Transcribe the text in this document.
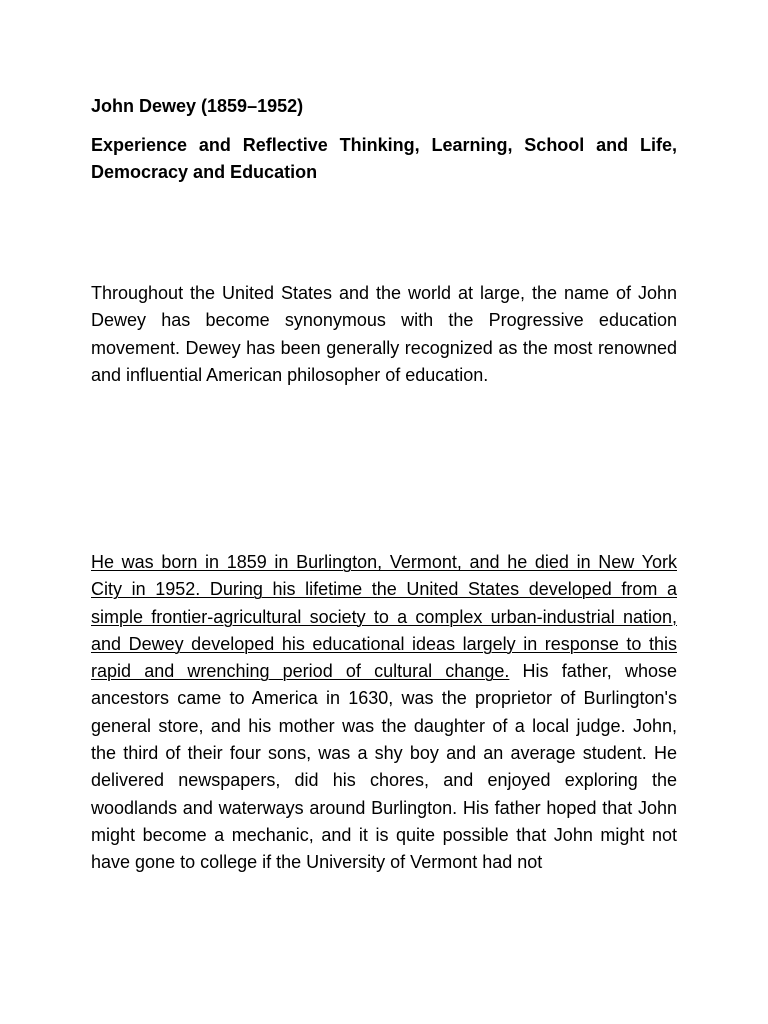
John Dewey (1859–1952)
Experience and Reflective Thinking, Learning, School and Life, Democracy and Education

Throughout the United States and the world at large, the name of John Dewey has become synonymous with the Progressive education movement. Dewey has been generally recognized as the most renowned and influential American philosopher of education.

He was born in 1859 in Burlington, Vermont, and he died in New York City in 1952. During his lifetime the United States developed from a simple frontier-agricultural society to a complex urban-industrial nation, and Dewey developed his educational ideas largely in response to this rapid and wrenching period of cultural change. His father, whose ancestors came to America in 1630, was the proprietor of Burlington's general store, and his mother was the daughter of a local judge. John, the third of their four sons, was a shy boy and an average student. He delivered newspapers, did his chores, and enjoyed exploring the woodlands and waterways around Burlington. His father hoped that John might become a mechanic, and it is quite possible that John might not have gone to college if the University of Vermont had not
